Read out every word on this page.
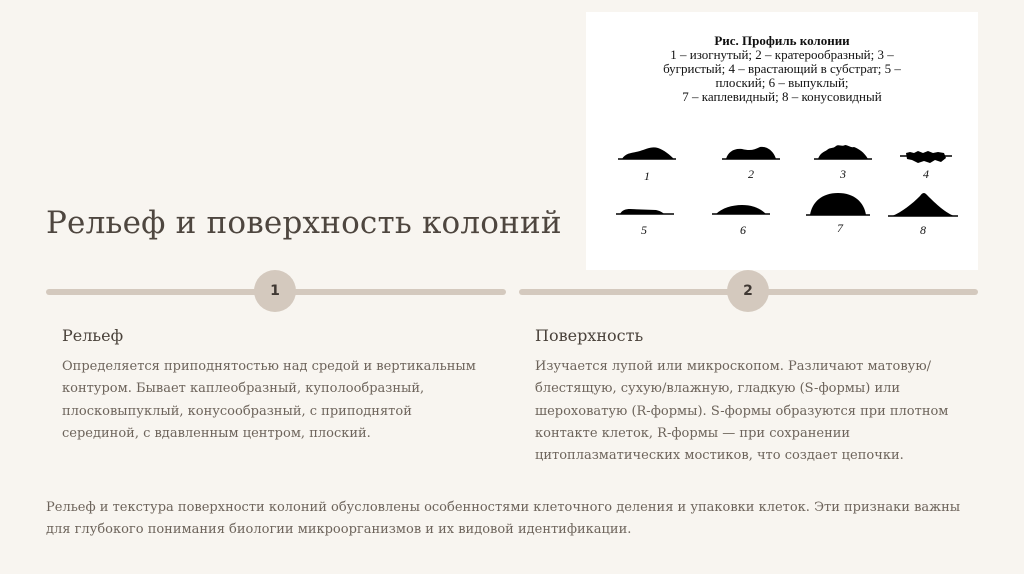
Рельеф и поверхность колоний
Рис. Профиль колонии
1 – изогнутый; 2 – кратерообразный; 3 –
бугристый; 4 – врастающий в субстрат; 5 –
плоский; 6 – выпуклый;
7 – каплевидный; 8 – конусовидный
1	2	3	4
5	6	7	8
1	2
Рельеф
Определяется приподнятостью над средой и вертикальным контуром. Бывает каплеобразный, куполообразный, плосковыпуклый, конусообразный, с приподнятой серединой, с вдавленным центром, плоский.
Поверхность
Изучается лупой или микроскопом. Различают матовую/блестящую, сухую/влажную, гладкую (S-формы) или шероховатую (R-формы). S-формы образуются при плотном контакте клеток, R-формы — при сохранении цитоплазматических мостиков, что создает цепочки.
Рельеф и текстура поверхности колоний обусловлены особенностями клеточного деления и упаковки клеток. Эти признаки важны для глубокого понимания биологии микроорганизмов и их видовой идентификации.
